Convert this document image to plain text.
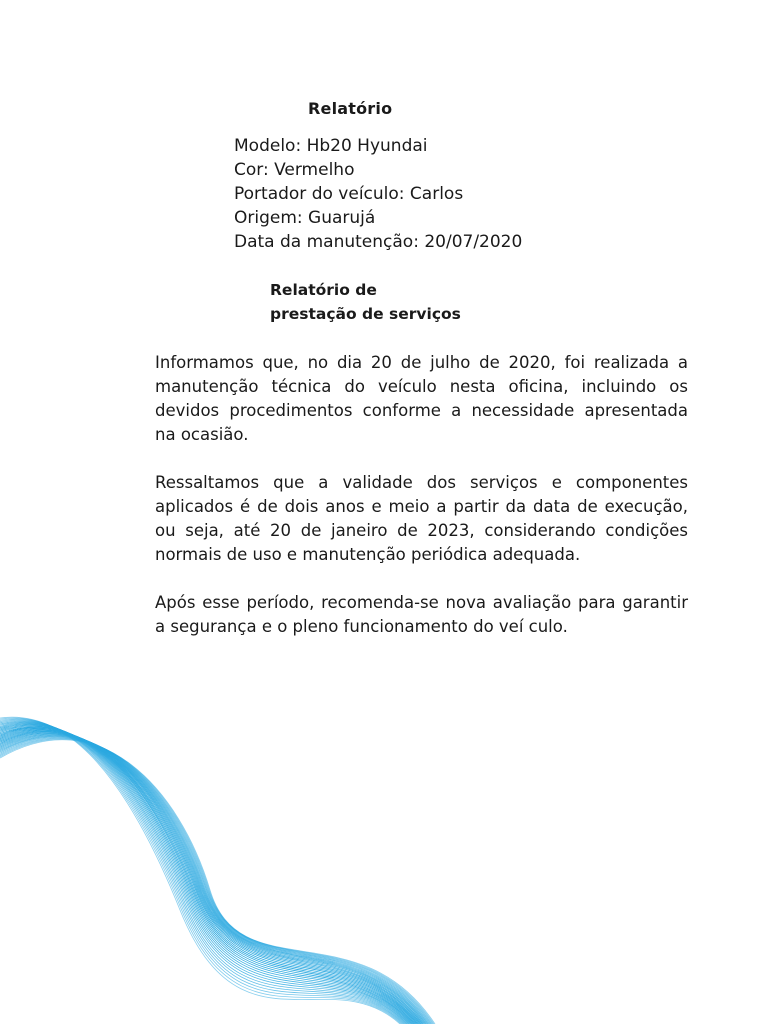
Relatório
Modelo: Hb20 Hyundai
Cor: Vermelho
Portador do veículo: Carlos
Origem: Guarujá
Data da manutenção: 20/07/2020
Relatório de
prestação de serviços
Informamos que, no dia 20 de julho de 2020, foi realizada a manutenção técnica do veículo nesta oficina, incluindo os devidos procedimentos conforme a necessidade apresentada na ocasião.
Ressaltamos que a validade dos serviços e componentes aplicados é de dois anos e meio a partir da data de execução, ou seja, até 20 de janeiro de 2023, considerando condições normais de uso e manutenção periódica adequada.
Após esse período, recomenda-se nova avaliação para garantir a segurança e o pleno funcionamento do veí culo.
